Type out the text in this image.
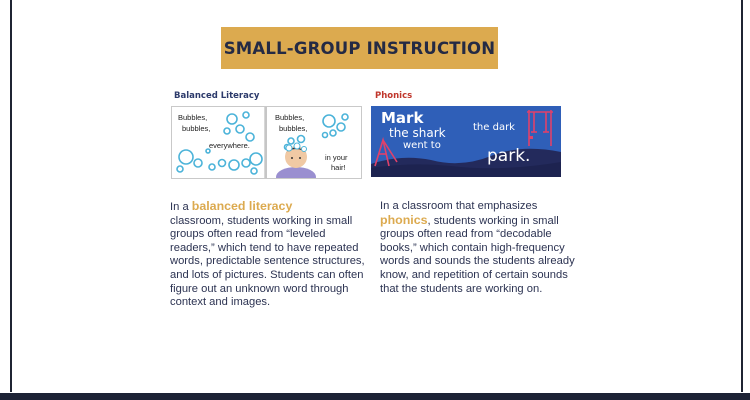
SMALL-GROUP INSTRUCTION
Balanced Literacy	Phonics
Bubbles,
bubbles,
everywhere.
Bubbles,
bubbles,
in your
hair!
Mark
the shark
went to
the dark
park.
In a balanced literacy
classroom, students working in small groups often read from “leveled readers,” which tend to have repeated words, predictable sentence structures, and lots of pictures. Students can often figure out an unknown word through context and images.
In a classroom that emphasizes phonics, students working in small groups often read from “decodable books,” which contain high-frequency words and sounds the students already know, and repetition of certain sounds that the students are working on.
